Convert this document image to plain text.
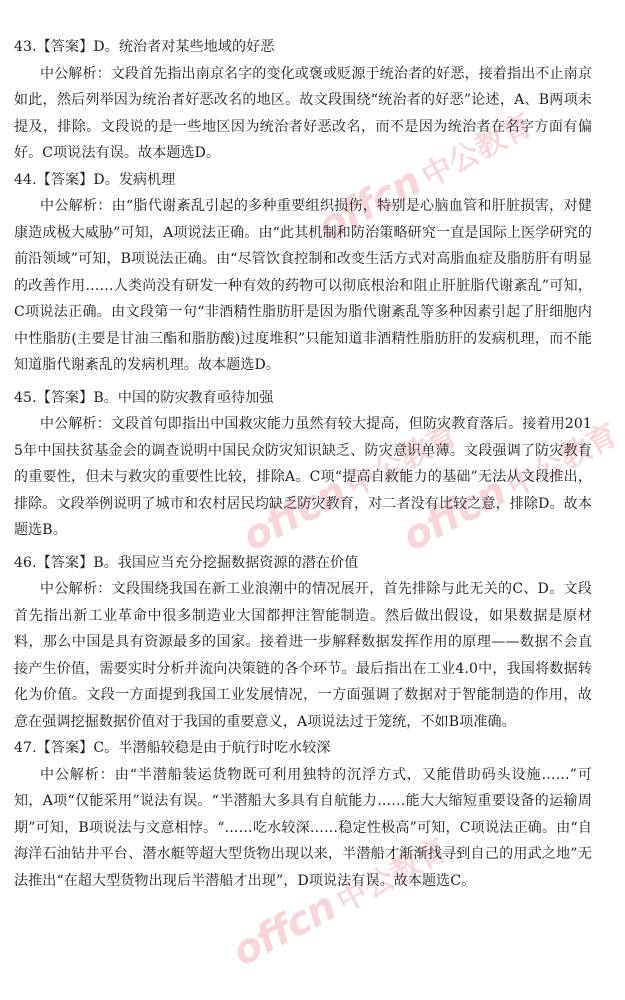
offcn
中公教育
offcn
中公教育
offcn
中公教育
offcn
中公教育

43.【答案】D。统治者对某些地域的好恶

中公解析：文段首先指出南京名字的变化或褒或贬源于统治者的好恶，接着指出不止南京如此，然后列举因为统治者好恶改名的地区。故文段围绕“统治者的好恶”论述，A、B两项未提及，排除。文段说的是一些地区因为统治者好恶改名，而不是因为统治者在名字方面有偏好。C项说法有误。故本题选D。

44.【答案】D。发病机理

中公解析：由“脂代谢紊乱引起的多种重要组织损伤，特别是心脑血管和肝脏损害，对健康造成极大威胁”可知，A项说法正确。由“此其机制和防治策略研究一直是国际上医学研究的前沿领域”可知，B项说法正确。由“尽管饮食控制和改变生活方式对高脂血症及脂肪肝有明显的改善作用……人类尚没有研发一种有效的药物可以彻底根治和阻止肝脏脂代谢紊乱”可知，C项说法正确。由文段第一句“非酒精性脂肪肝是因为脂代谢紊乱等多种因素引起了肝细胞内中性脂肪(主要是甘油三酯和脂肪酸)过度堆积”只能知道非酒精性脂肪肝的发病机理，而不能知道脂代谢紊乱的发病机理。故本题选D。

45.【答案】B。中国的防灾教育亟待加强

中公解析：文段首句即指出中国救灾能力虽然有较大提高，但防灾教育落后。接着用2015年中国扶贫基金会的调查说明中国民众防灾知识缺乏、防灾意识单薄。文段强调了防灾教育的重要性，但未与救灾的重要性比较，排除A。C项“提高自救能力的基础”无法从文段推出，排除。文段举例说明了城市和农村居民均缺乏防灾教育，对二者没有比较之意，排除D。故本题选B。

46.【答案】B。我国应当充分挖掘数据资源的潜在价值

中公解析：文段围绕我国在新工业浪潮中的情况展开，首先排除与此无关的C、D。文段首先指出新工业革命中很多制造业大国都押注智能制造。然后做出假设，如果数据是原材料，那么中国是具有资源最多的国家。接着进一步解释数据发挥作用的原理——数据不会直接产生价值，需要实时分析并流向决策链的各个环节。最后指出在工业4.0中，我国将数据转化为价值。文段一方面提到我国工业发展情况，一方面强调了数据对于智能制造的作用，故意在强调挖掘数据价值对于我国的重要意义，A项说法过于笼统，不如B项准确。

47.【答案】C。半潜船较稳是由于航行时吃水较深

中公解析：由“半潜船装运货物既可利用独特的沉浮方式，又能借助码头设施……”可知，A项“仅能采用”说法有误。“半潜船大多具有自航能力……能大大缩短重要设备的运输周期”可知，B项说法与文意相悖。“……吃水较深……稳定性极高”可知，C项说法正确。由“自海洋石油钻井平台、潜水艇等超大型货物出现以来，半潜船才渐渐找寻到自己的用武之地”无法推出“在超大型货物出现后半潜船才出现”，D项说法有误。故本题选C。
